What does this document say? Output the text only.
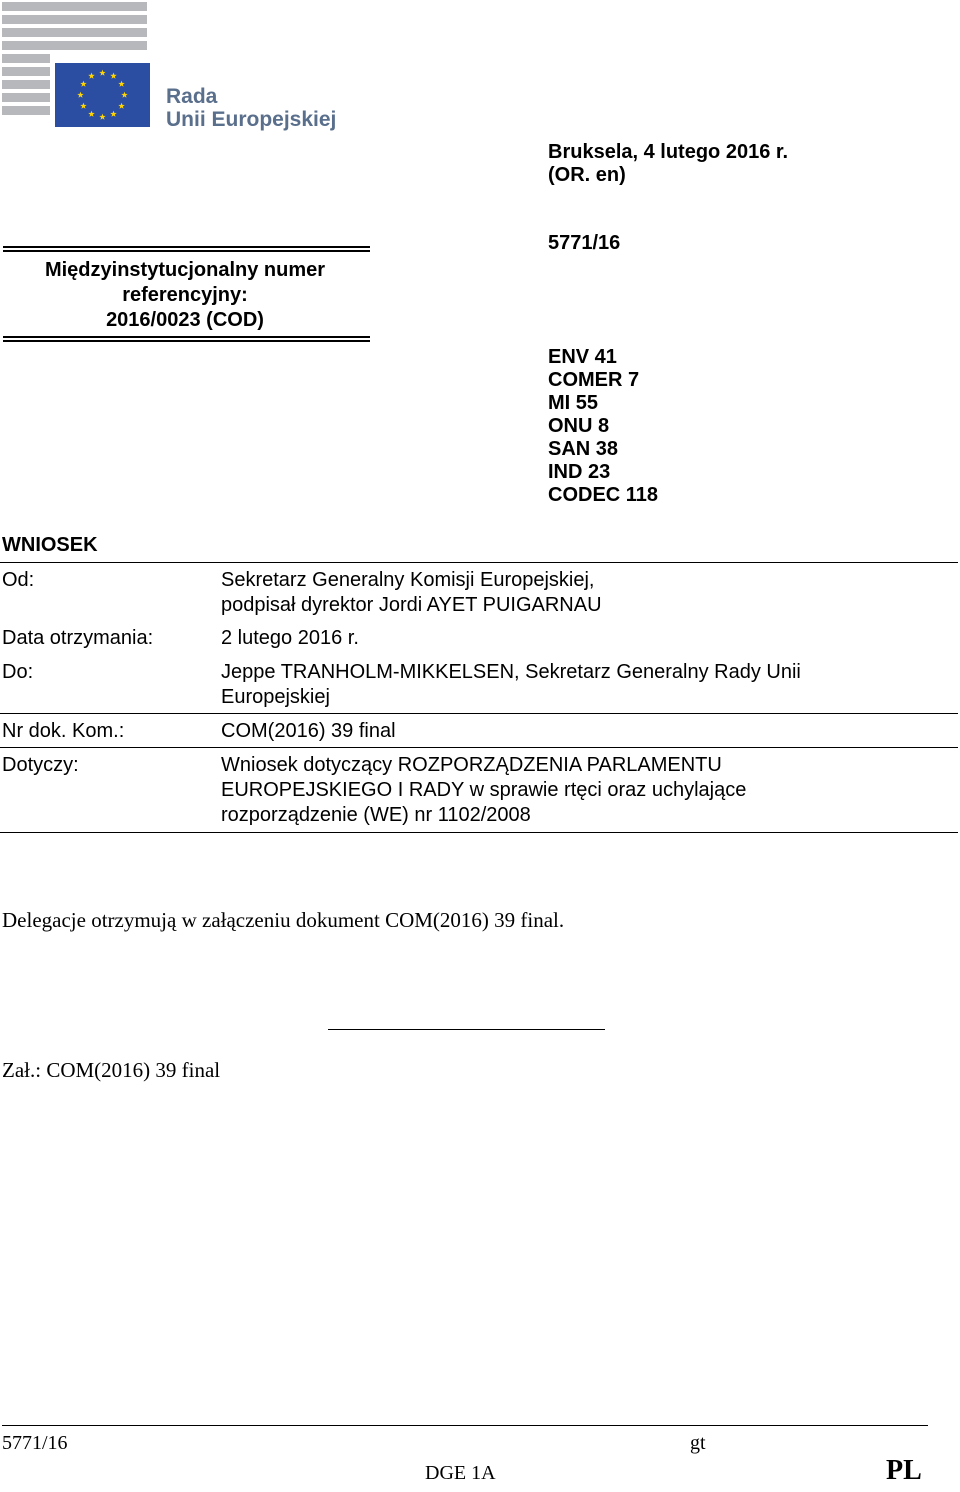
Rada
Unii Europejskiej
Bruksela, 4 lutego 2016 r.
(OR. en)
5771/16
Międzyinstytucjonalny numer
referencyjny:
2016/0023 (COD)
ENV 41
COMER 7
MI 55
ONU 8
SAN 38
IND 23
CODEC 118
WNIOSEK
Od:	Sekretarz Generalny Komisji Europejskiej,
podpisał dyrektor Jordi AYET PUIGARNAU
Data otrzymania:	2 lutego 2016 r.
Do:	Jeppe TRANHOLM-MIKKELSEN, Sekretarz Generalny Rady Unii
Europejskiej
Nr dok. Kom.:	COM(2016) 39 final
Dotyczy:	Wniosek dotyczący ROZPORZĄDZENIA PARLAMENTU
EUROPEJSKIEGO I RADY w sprawie rtęci oraz uchylające
rozporządzenie (WE) nr 1102/2008
Delegacje otrzymują w załączeniu dokument COM(2016) 39 final.
Zał.: COM(2016) 39 final
5771/16	gt
DGE 1A	PL
